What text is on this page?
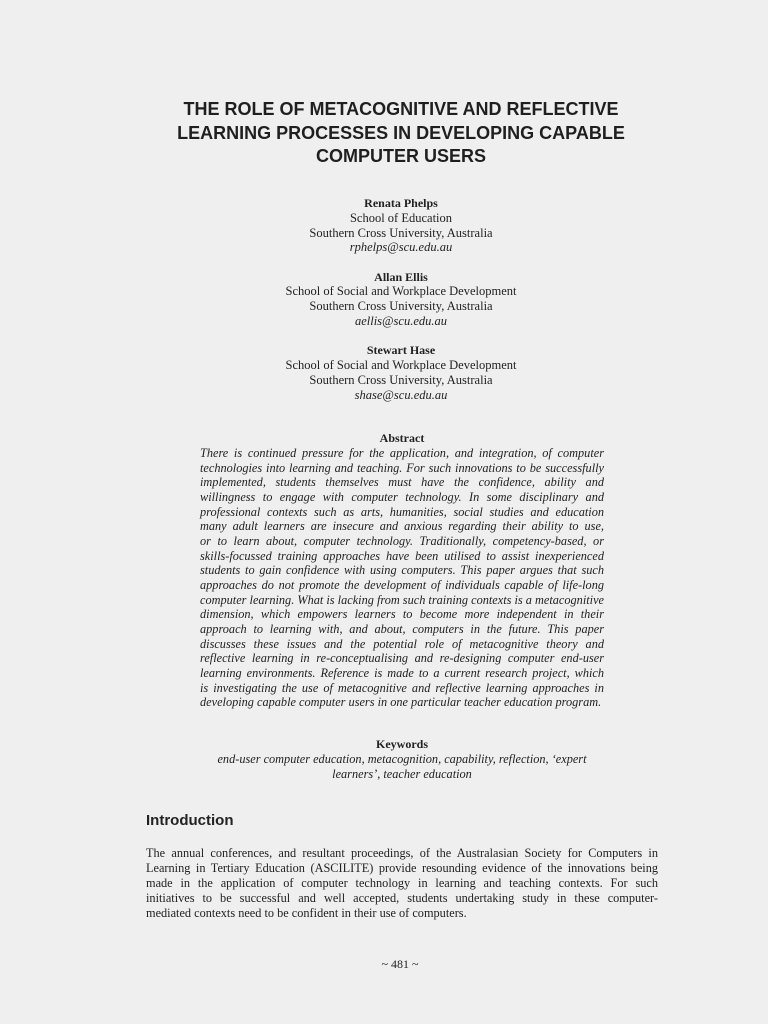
THE ROLE OF METACOGNITIVE AND REFLECTIVE
LEARNING PROCESSES IN DEVELOPING CAPABLE
COMPUTER USERS
Renata Phelps
School of Education
Southern Cross University, Australia
rphelps@scu.edu.au
Allan Ellis
School of Social and Workplace Development
Southern Cross University, Australia
aellis@scu.edu.au
Stewart Hase
School of Social and Workplace Development
Southern Cross University, Australia
shase@scu.edu.au
Abstract
There is continued pressure for the application, and integration, of computer
technologies into learning and teaching. For such innovations to be successfully
implemented, students themselves must have the confidence, ability and
willingness to engage with computer technology. In some disciplinary and
professional contexts such as arts, humanities, social studies and education
many adult learners are insecure and anxious regarding their ability to use,
or to learn about, computer technology. Traditionally, competency-based, or
skills-focussed training approaches have been utilised to assist inexperienced
students to gain confidence with using computers. This paper argues that such
approaches do not promote the development of individuals capable of life-long
computer learning. What is lacking from such training contexts is a metacognitive
dimension, which empowers learners to become more independent in their
approach to learning with, and about, computers in the future. This paper
discusses these issues and the potential role of metacognitive theory and
reflective learning in re-conceptualising and re-designing computer end-user
learning environments. Reference is made to a current research project, which
is investigating the use of metacognitive and reflective learning approaches in
developing capable computer users in one particular teacher education program.
Keywords
end-user computer education, metacognition, capability, reflection, ‘expert
learners’, teacher education
Introduction
The annual conferences, and resultant proceedings, of the Australasian Society for Computers in
Learning in Tertiary Education (ASCILITE) provide resounding evidence of the innovations being
made in the application of computer technology in learning and teaching contexts. For such
initiatives to be successful and well accepted, students undertaking study in these computer-
mediated contexts need to be confident in their use of computers.
~ 481 ~
